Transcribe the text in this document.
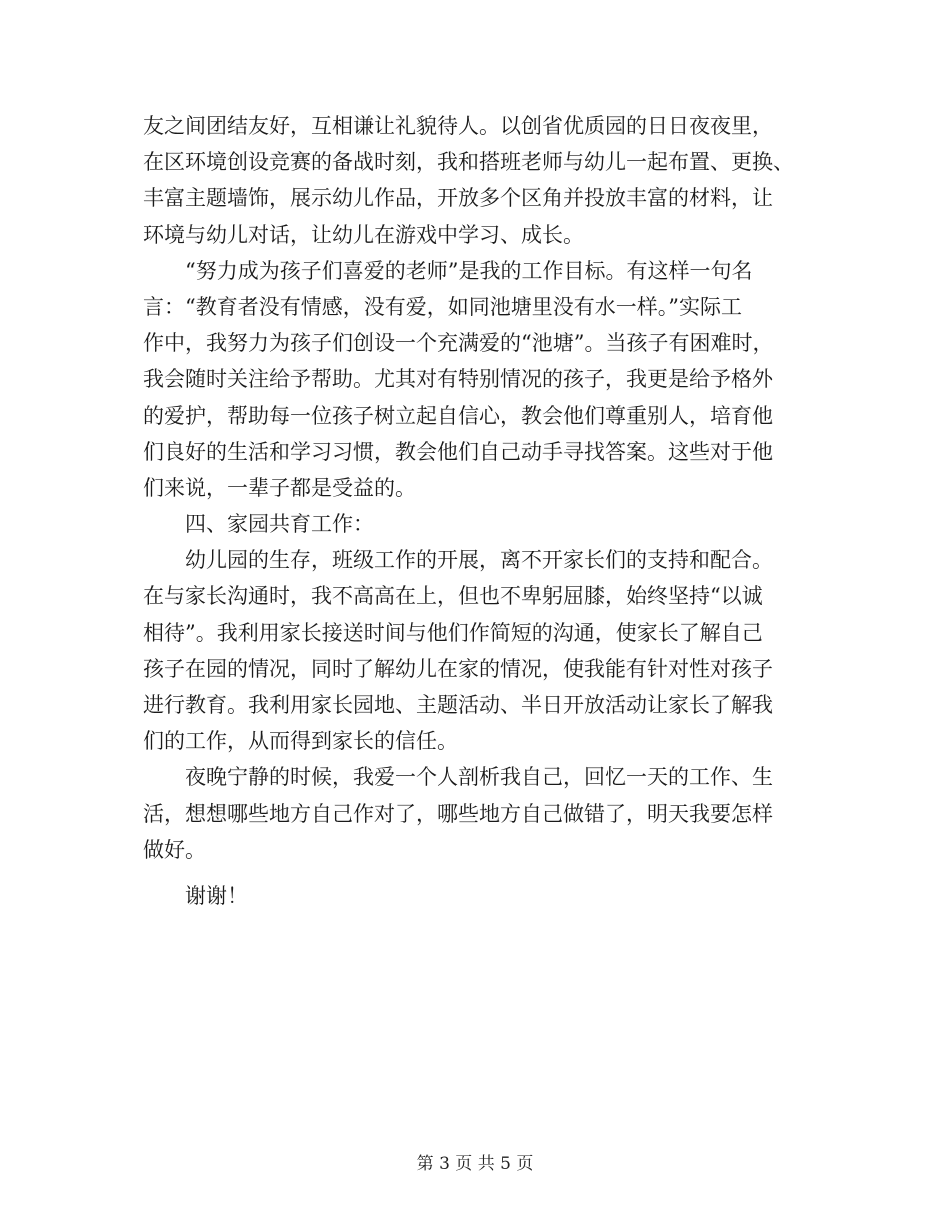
友之间团结友好，互相谦让礼貌待人。以创省优质园的日日夜夜里，
在区环境创设竞赛的备战时刻，我和搭班老师与幼儿一起布置、更换、
丰富主题墙饰，展示幼儿作品，开放多个区角并投放丰富的材料，让
环境与幼儿对话，让幼儿在游戏中学习、成长。

“努力成为孩子们喜爱的老师”是我的工作目标。有这样一句名
言：“教育者没有情感，没有爱，如同池塘里没有水一样。”实际工
作中，我努力为孩子们创设一个充满爱的“池塘”。当孩子有困难时，
我会随时关注给予帮助。尤其对有特别情况的孩子，我更是给予格外
的爱护，帮助每一位孩子树立起自信心，教会他们尊重别人，培育他
们良好的生活和学习习惯，教会他们自己动手寻找答案。这些对于他
们来说，一辈子都是受益的。

四、家园共育工作：

幼儿园的生存，班级工作的开展，离不开家长们的支持和配合。
在与家长沟通时，我不高高在上，但也不卑躬屈膝，始终坚持“以诚
相待”。我利用家长接送时间与他们作简短的沟通，使家长了解自己
孩子在园的情况，同时了解幼儿在家的情况，使我能有针对性对孩子
进行教育。我利用家长园地、主题活动、半日开放活动让家长了解我
们的工作，从而得到家长的信任。

夜晚宁静的时候，我爱一个人剖析我自己，回忆一天的工作、生
活，想想哪些地方自己作对了，哪些地方自己做错了，明天我要怎样
做好。

谢谢！

第 3 页 共 5 页
